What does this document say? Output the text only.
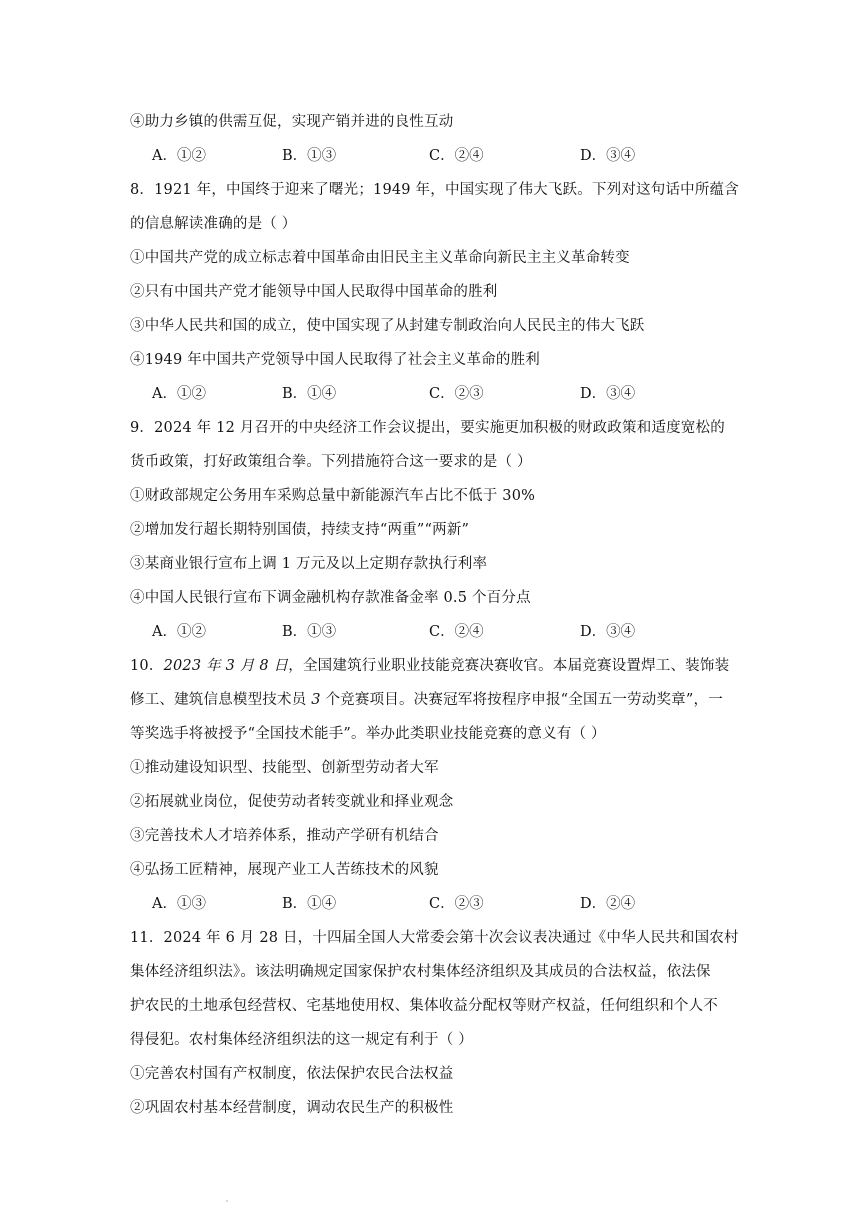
④助力乡镇的供需互促，实现产销并进的良性互动
A．①②	B．①③	C．②④	D．③④
8．1921 年，中国终于迎来了曙光；1949 年，中国实现了伟大飞跃。下列对这句话中所蕴含
的信息解读准确的是（ ）
①中国共产党的成立标志着中国革命由旧民主主义革命向新民主主义革命转变
②只有中国共产党才能领导中国人民取得中国革命的胜利
③中华人民共和国的成立，使中国实现了从封建专制政治向人民民主的伟大飞跃
④1949 年中国共产党领导中国人民取得了社会主义革命的胜利
A．①②	B．①④	C．②③	D．③④
9．2024 年 12 月召开的中央经济工作会议提出，要实施更加积极的财政政策和适度宽松的
货币政策，打好政策组合拳。下列措施符合这一要求的是（ ）
①财政部规定公务用车采购总量中新能源汽车占比不低于 30%
②增加发行超长期特别国债，持续支持“两重”“两新”
③某商业银行宣布上调 1 万元及以上定期存款执行利率
④中国人民银行宣布下调金融机构存款准备金率 0.5 个百分点
A．①②	B．①③	C．②④	D．③④
10．2023 年 3 月 8 日，全国建筑行业职业技能竞赛决赛收官。本届竞赛设置焊工、装饰装
修工、建筑信息模型技术员 3 个竞赛项目。决赛冠军将按程序申报“全国五一劳动奖章”，一
等奖选手将被授予“全国技术能手”。举办此类职业技能竞赛的意义有（ ）
①推动建设知识型、技能型、创新型劳动者大军
②拓展就业岗位，促使劳动者转变就业和择业观念
③完善技术人才培养体系，推动产学研有机结合
④弘扬工匠精神，展现产业工人苦练技术的风貌
A．①③	B．①④	C．②③	D．②④
11．2024 年 6 月 28 日，十四届全国人大常委会第十次会议表决通过《中华人民共和国农村
集体经济组织法》。该法明确规定国家保护农村集体经济组织及其成员的合法权益，依法保
护农民的土地承包经营权、宅基地使用权、集体收益分配权等财产权益，任何组织和个人不
得侵犯。农村集体经济组织法的这一规定有利于（ ）
①完善农村国有产权制度，依法保护农民合法权益
②巩固农村基本经营制度，调动农民生产的积极性
